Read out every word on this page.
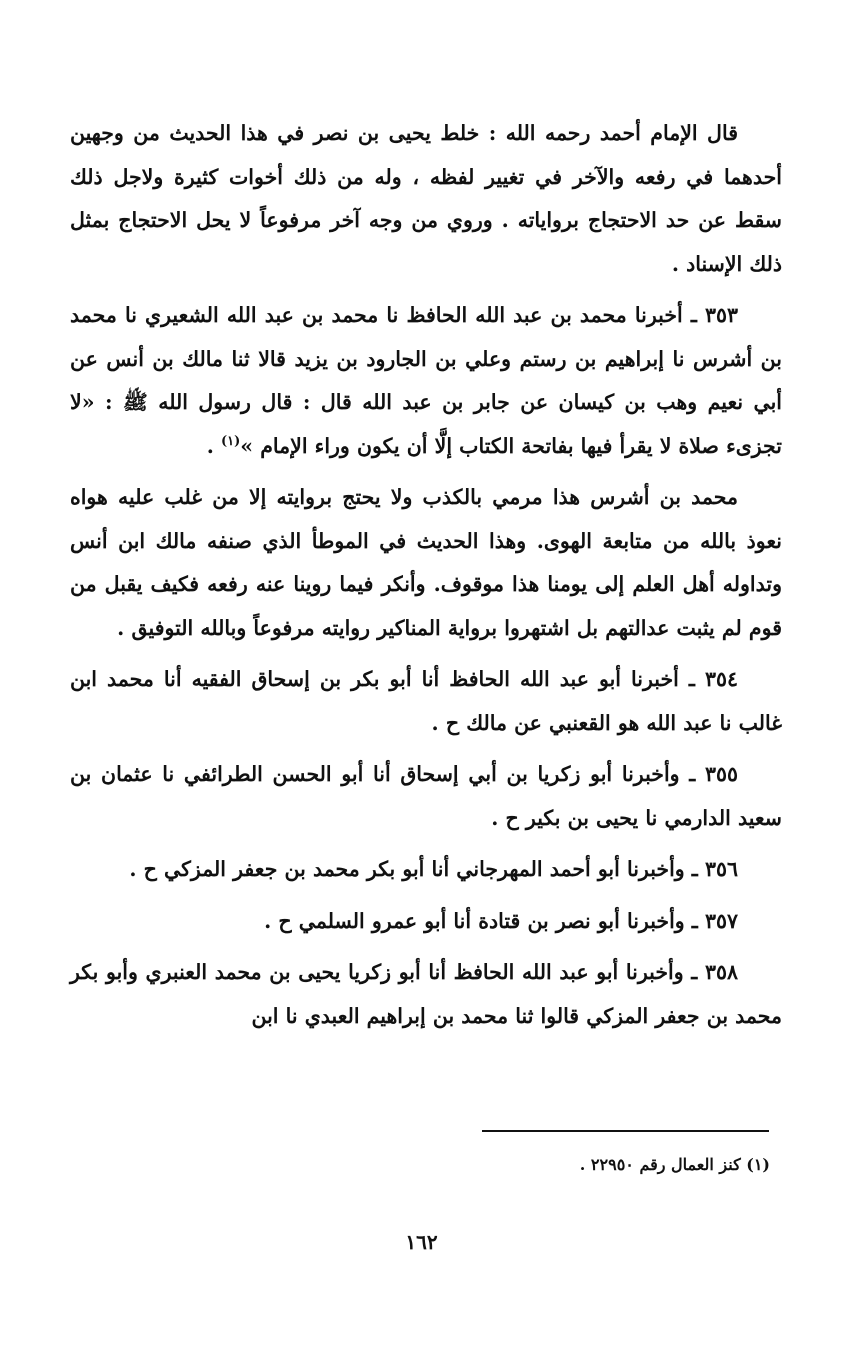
قال الإمام أحمد رحمه الله : خلط يحيى بن نصر في هذا الحديث من وجهين أحدهما في رفعه والآخر في تغيير لفظه ، وله من ذلك أخوات كثيرة ولاجل ذلك سقط عن حد الاحتجاج برواياته . وروي من وجه آخر مرفوعاً لا يحل الاحتجاج بمثل ذلك الإسناد .

٣٥٣ ـ أخبرنا محمد بن عبد الله الحافظ نا محمد بن عبد الله الشعيري نا محمد بن أشرس نا إبراهيم بن رستم وعلي بن الجارود بن يزيد قالا ثنا مالك بن أنس عن أبي نعيم وهب بن كيسان عن جابر بن عبد الله قال : قال رسول الله ﷺ : «لا تجزىء صلاة لا يقرأ فيها بفاتحة الكتاب إلَّا أن يكون وراء الإمام »$^{(١)}$ .

محمد بن أشرس هذا مرمي بالكذب ولا يحتج بروايته إلا من غلب عليه هواه نعوذ بالله من متابعة الهوى. وهذا الحديث في الموطأ الذي صنفه مالك ابن أنس وتداوله أهل العلم إلى يومنا هذا موقوف. وأنكر فيما روينا عنه رفعه فكيف يقبل من قوم لم يثبت عدالتهم بل اشتهروا برواية المناكير روايته مرفوعاً وبالله التوفيق .

٣٥٤ ـ أخبرنا أبو عبد الله الحافظ أنا أبو بكر بن إسحاق الفقيه أنا محمد ابن غالب نا عبد الله هو القعنبي عن مالك ح .

٣٥٥ ـ وأخبرنا أبو زكريا بن أبي إسحاق أنا أبو الحسن الطرائفي نا عثمان بن سعيد الدارمي نا يحيى بن بكير ح .

٣٥٦ ـ وأخبرنا أبو أحمد المهرجاني أنا أبو بكر محمد بن جعفر المزكي ح .

٣٥٧ ـ وأخبرنا أبو نصر بن قتادة أنا أبو عمرو السلمي ح .

٣٥٨ ـ وأخبرنا أبو عبد الله الحافظ أنا أبو زكريا يحيى بن محمد العنبري وأبو بكر محمد بن جعفر المزكي قالوا ثنا محمد بن إبراهيم العبدي نا ابن

(١) كنز العمال رقم ٢٢٩٥٠ .
١٦٢
